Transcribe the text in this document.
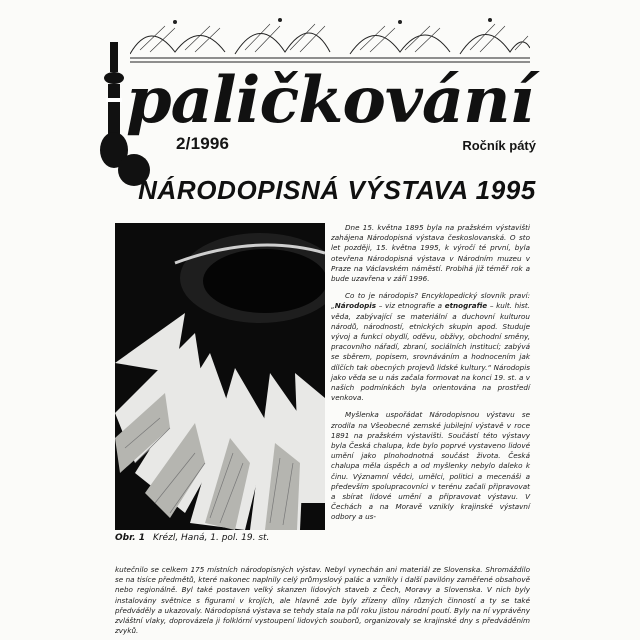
paličkování
2/1996	Ročník pátý
NÁRODOPISNÁ VÝSTAVA 1995
Obr. 1 Krézl, Haná, 1. pol. 19. st.

Dne 15. května 1895 byla na pražském výstavišti zahájena Národopisná výstava českoslovanská. O sto let později, 15. května 1995, k výročí té první, byla otevřena Národopisná výstava v Národním muzeu v Praze na Václavském náměstí. Probíhá již téměř rok a bude uzavřena v září 1996.

Co to je národopis? Encyklopedický slovník praví: „Národopis – viz etnografie a etnografie – kult. hist. věda, zabývající se materiální a duchovní kulturou národů, národností, etnických skupin apod. Studuje vývoj a funkci obydlí, oděvu, obživy, obchodní směny, pracovního nářadí, zbraní, sociálních institucí; zabývá se sběrem, popisem, srovnáváním a hodnocením jak dílčích tak obecných projevů lidské kultury.“ Národopis jako věda se u nás začala formovat na konci 19. st. a v našich podmínkách byla orientována na prostředí venkova.

Myšlenka uspořádat Národopisnou výstavu se zrodila na Všeobecné zemské jubilejní výstavě v roce 1891 na pražském výstavišti. Součástí této výstavy byla Česká chalupa, kde bylo poprvé vystaveno lidové umění jako plnohodnotná součást života. Česká chalupa měla úspěch a od myšlenky nebylo daleko k činu. Významní vědci, umělci, politici a mecenáši a především spolupracovníci v terénu začali připravovat a sbírat lidové umění a připravovat výstavu. V Čechách a na Moravě vznikly krajinské výstavní odbory a us-

kutečnilo se celkem 175 místních národopisných výstav. Nebyl vynechán ani materiál ze Slovenska. Shromáždilo se na tisíce předmětů, které nakonec naplnily celý průmyslový palác a vznikly i další pavilóny zaměřené obsahově nebo regionálně. Byl také postaven velký skanzen lidových staveb z Čech, Moravy a Slovenska. V nich byly instalovány světnice s figurami v krojích, ale hlavně zde byly zřízeny dílny různých činností a ty se také předváděly a ukazovaly. Národopisná výstava se tehdy stala na půl roku jistou národní poutí. Byly na ní vyprávěny zvláštní vlaky, doprovázela ji folklórní vystoupení lidových souborů, organizovaly se krajinské dny s předváděním zvyků.
